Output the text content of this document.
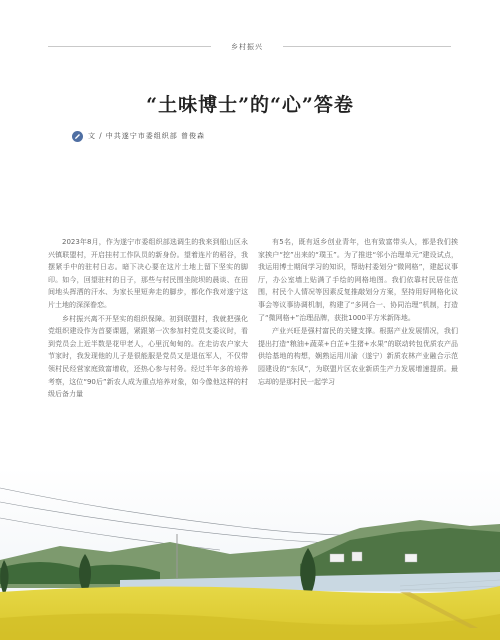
乡村振兴
“土味博士”的“心”答卷
文 / 中共遂宁市委组织部 曾俊森

2023年8月，作为遂宁市委组织部选调生的我来到船山区永兴镇联盟村，开启挂村工作队员的新身份。望着连片的稻谷，我摆紧手中的驻村日志。暗下决心要在这片土地上留下坚实的脚印。如今，回望驻村的日子，那些与村民围坐院坝的晨谈、在田间地头挥洒的汗水、为家长里短奔走的脚步，都化作我对遂宁这片土地的深深眷恋。

乡村振兴离不开坚实的组织保障。初到联盟村，我就把强化党组织建设作为首要课题，紧跟第一次参加村党员支委议时，看到党员会上近半数是花甲老人，心里沉甸甸的。在走访农户家大节家时，我发现他的儿子是很能服是党员又是退伍军人，不仅带领村民经营家庭致富增收，还热心参与村务。经过半年多的培养考察，这位“90后”新农人成为重点培养对象，如今像他这样的村级后备力量

有5名，既有返乡创业青年，也有致富带头人，都是我们挨家挨户“挖”出来的“璞玉”。为了推进“邻小治理单元”建设试点，我运用博士期间学习的知识，帮助村委划分“微网格”，建起议事厅，办公室墙上贴满了手绘的网格地图。我们依靠村民居住范围，村民个人情况等因素反复推敲划分方案，坚持用好网格化议事会等议事协调机制，构建了“多网合一、协同治理”机制，打造了“微网格+”治理品牌，获批1000平方米新阵地。

产业兴旺是强村富民的关键支撑。根据产业发展情况，我们提出打造“粮油+蔬菜+白芷+生猪+水果”的联动转包优质农产品供给基地的构想，娴熟运用川渝（遂宁）新质农林产业融合示范园建设的“东风”，为联盟片区农业新质生产力发展增速提质。最忘却的是那村民一起学习
